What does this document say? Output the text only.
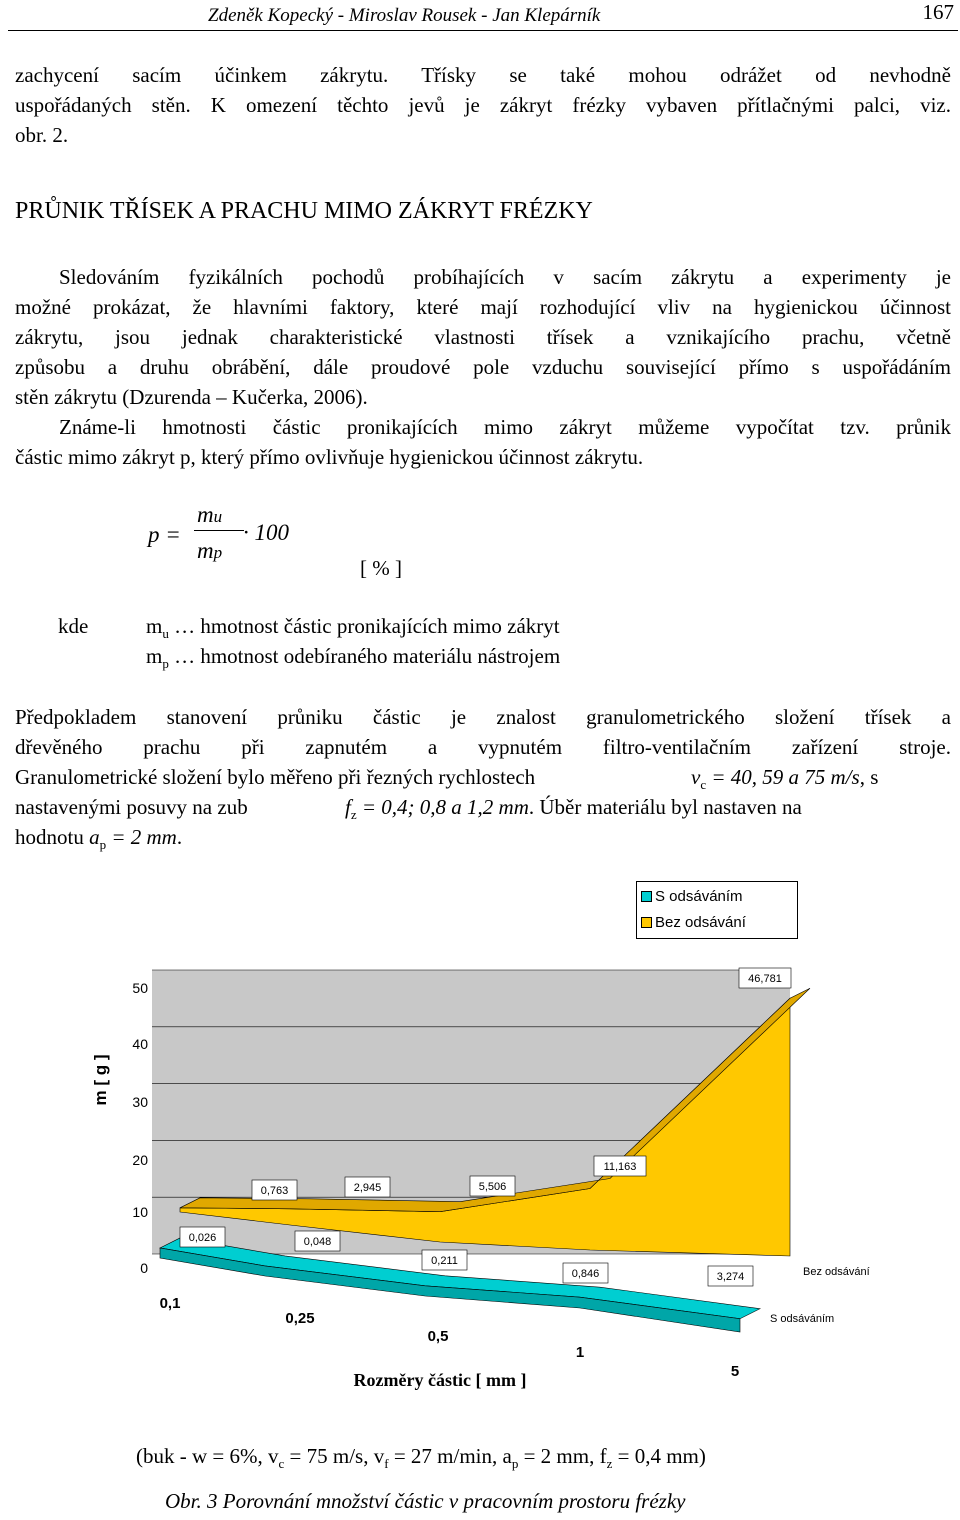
Zdeněk Kopecký - Miroslav Rousek - Jan Klepárník	167

zachycení sacím účinkem zákrytu. Třísky se také mohou odrážet od nevhodně

uspořádaných stěn. K omezení těchto jevů je zákryt frézky vybaven přítlačnými palci, viz.

obr. 2.

PRŮNIK TŘÍSEK A PRACHU MIMO ZÁKRYT FRÉZKY

Sledováním fyzikálních pochodů probíhajících v sacím zákrytu a experimenty je

možné prokázat, že hlavními faktory, které mají rozhodující vliv na hygienickou účinnost

zákrytu, jsou jednak charakteristické vlastnosti třísek a vznikajícího prachu, včetně

způsobu a druhu obrábění, dále proudové pole vzduchu související přímo s uspořádáním

stěn zákrytu (Dzurenda – Kučerka, 2006).

Známe-li hmotnosti částic pronikajících mimo zákryt můžeme vypočítat tzv. průnik

částic mimo zákryt p, který přímo ovlivňuje hygienickou účinnost zákrytu.

p =
mu
mp
· 100
[ % ]
kde	$m_u$ … hmotnost částic pronikajících mimo zákryt
$m_p$ … hmotnost odebíraného materiálu nástrojem

Předpokladem stanovení průniku částic je znalost granulometrického složení třísek a

dřevěného prachu při zapnutém a vypnutém filtro-ventilačním zařízení stroje.

Granulometrické složení bylo měřeno při řezných rychlostech	$v_c = 40$, 59 a 75 m/s, s
nastavenými posuvy na zub	$f_z = 0,4$; 0,8 a 1,2 mm. Úběr materiálu byl nastaven na
hodnotu $a_p = 2$ mm.
S odsáváním
Bez odsávání
0
10
20
30
40
50
m [ g ]
0,026	0,048
0,211
0,846	3,274
0,763	2,945	5,506
11,163
46,781
0,1
0,25
0,5
1
5
Bez odsávání
S odsáváním
Rozměry částic [ mm ]
(buk - w = 6%, $v_c = 75$ m/s, $v_f = 27$ m/min, $a_p = 2$ mm, $f_z = 0,4$ mm)
Obr. 3 Porovnání množství částic v pracovním prostoru frézky
